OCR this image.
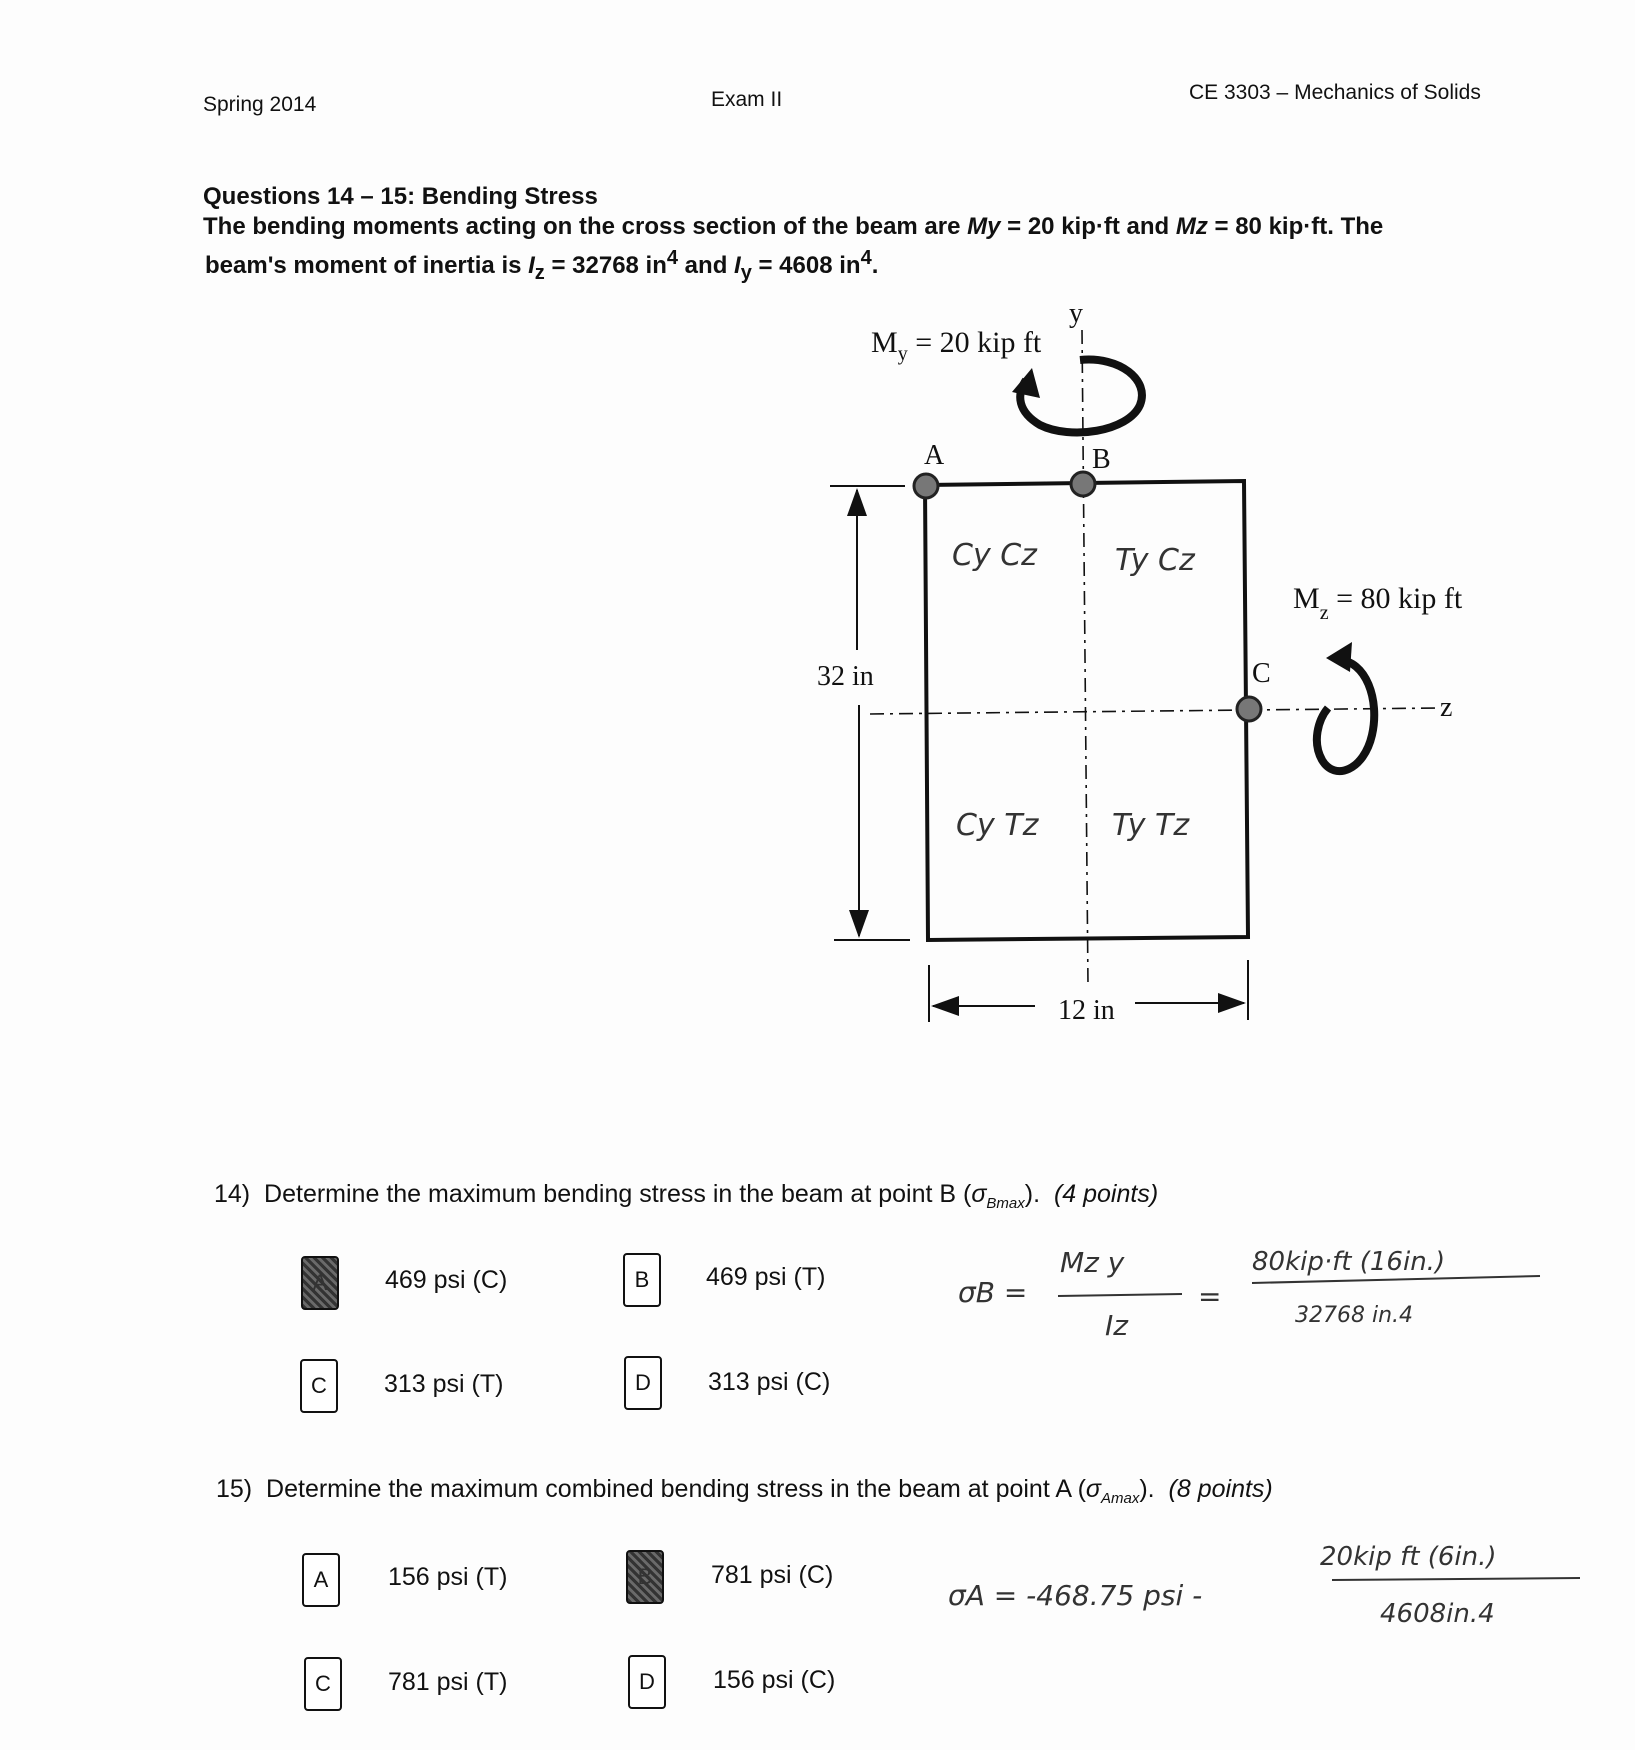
Spring 2014	Exam II	CE 3303 – Mechanics of Solids
Questions 14 – 15: Bending Stress
The bending moments acting on the cross section of the beam are My = 20 kip·ft and Mz = 80 kip·ft. The
beam's moment of inertia is $I_z = 32768$ $in^4$ and $I_y = 4608$ $in^4$.
32 in
12 in
A	B
C
y
z
$M_y = 20$ kip ft
$M_z = 80$ kip ft
Cy Cz	Ty Cz
Cy Tz Ty Tz
σB =
Mz y
Iz
=
80kip·ft (16in.)
32768 in.4
σA = -468.75 psi -
20kip ft (6in.)
4608in.4
14) Determine the maximum bending stress in the beam at point B $(\sigma_{Bmax})$. (4 points)
A	469 psi (C)	B	469 psi (T)
C	313 psi (T)	D	313 psi (C)
15) Determine the maximum combined bending stress in the beam at point A $(\sigma_{Amax})$. (8 points)
A	156 psi (T)	B	781 psi (C)
C	781 psi (T)	D	156 psi (C)
